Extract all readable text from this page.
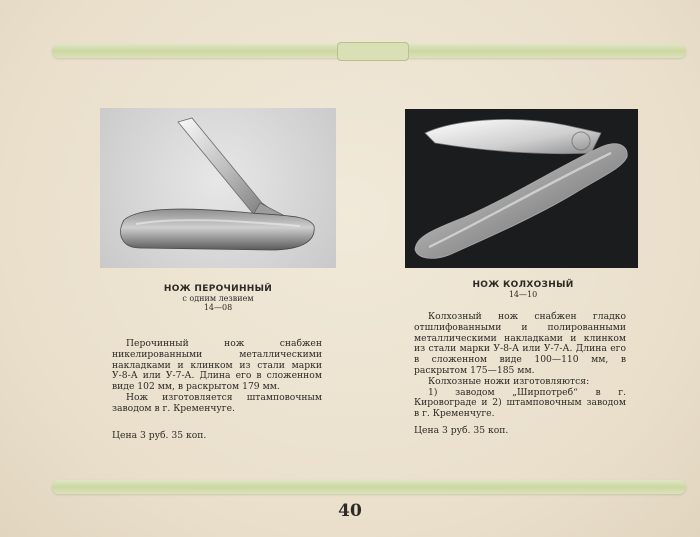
НОЖ ПЕРОЧИННЫЙ
с одним лезвием
14—08
НОЖ КОЛХОЗНЫЙ
14—10

Перочинный нож снабжен никелированными металлическими накладками и клинком из стали марки У-8-А или У-7-А. Длина его в сложенном виде 102 мм, в раскрытом 179 мм.

Нож изготовляется штамповочным заводом в г. Кременчуге.

Цена 3 руб. 35 коп.

Колхозный нож снабжен гладко отшлифованными и полированными металлическими накладками и клинком из стали марки У-8-А или У-7-А. Длина его в сложенном виде 100—110 мм, в раскрытом 175—185 мм.

Колхозные ножи изготовляются:

1) заводом „Ширпотреб“ в г. Кировограде и 2) штамповочным заводом в г. Кременчуге.

Цена 3 руб. 35 коп.
40
